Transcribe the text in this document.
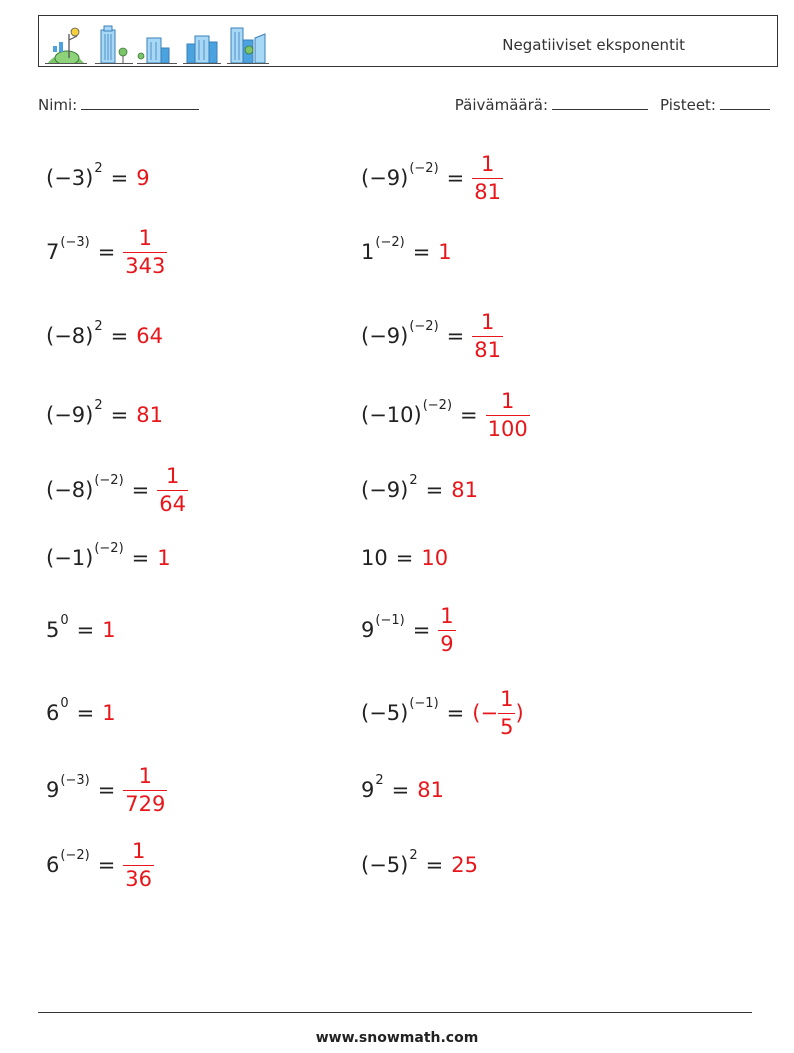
Negatiiviset eksponentit
Nimi:	Päivämäärä:	Pisteet:
(−3) 2 = 9	(−9) $(-2) = \frac{1}{81}$
7 $(-3) = \frac{1}{343}$	1 (−2) = 1
(−8) 2 = 64	(−9) $(-2) = \frac{1}{81}$
(−9) 2 = 81	(−10) $(-2) = \frac{1}{100}$
(−8) $(-2) = \frac{1}{64}$	(−9) 2 = 81
(−1) (−2) = 1	10 = 10
5 0 = 1	9 $(-1) = \frac{1}{9}$
6 0 = 1	(−5) (−1) = (− $\frac{1}{5}$ )
9 $(-3) = \frac{1}{729}$	9 2 = 81
6 $(-2) = \frac{1}{36}$	(−5) 2 = 25
www.snowmath.com
